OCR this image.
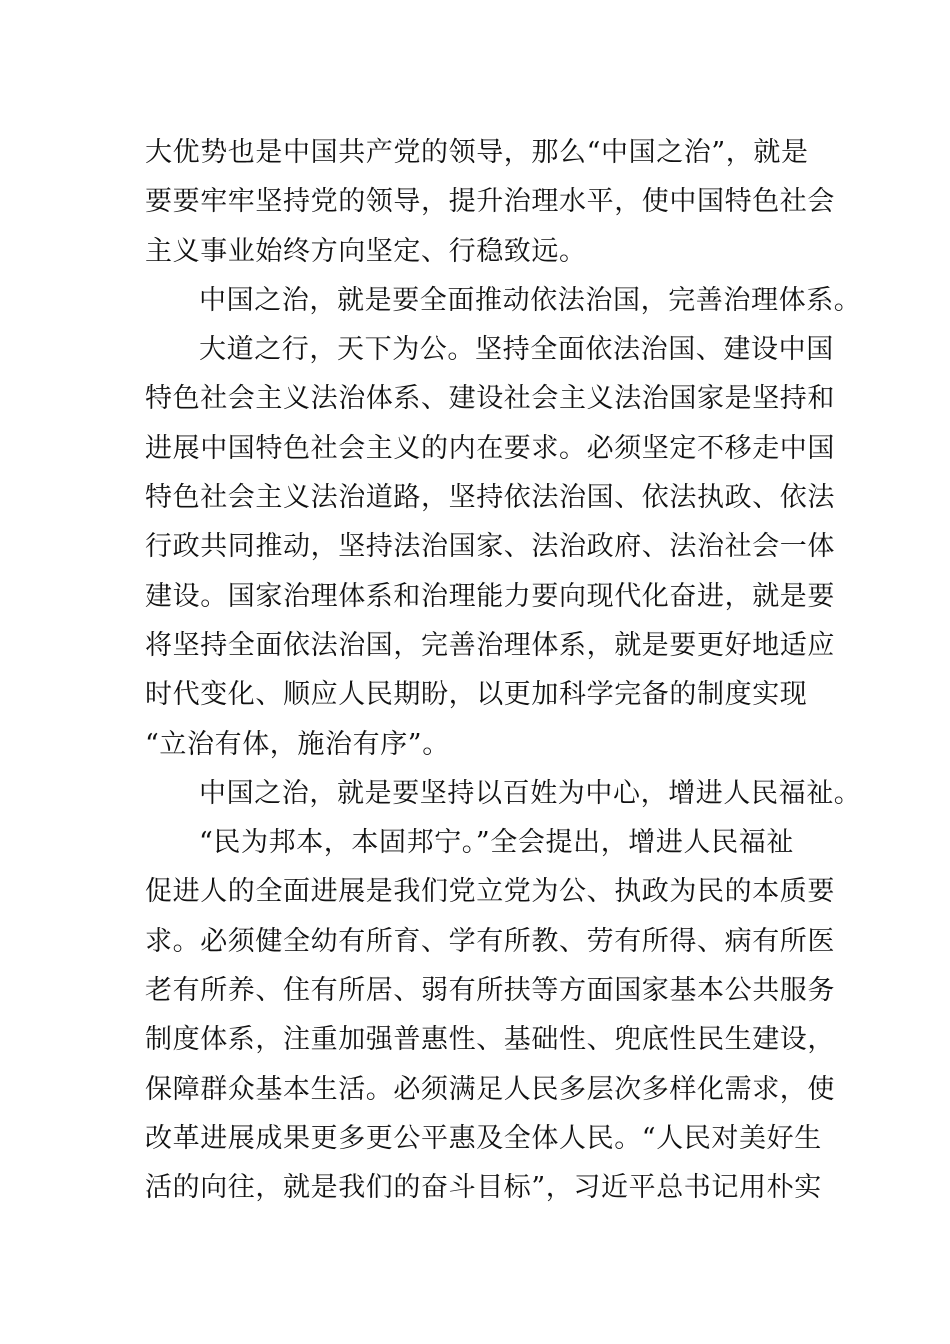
大优势也是中国共产党的领导，那么“中国之治”，就是
要要牢牢坚持党的领导，提升治理水平，使中国特色社会
主义事业始终方向坚定、行稳致远。
中国之治，就是要全面推动依法治国，完善治理体系。
大道之行，天下为公。坚持全面依法治国、建设中国
特色社会主义法治体系、建设社会主义法治国家是坚持和
进展中国特色社会主义的内在要求。必须坚定不移走中国
特色社会主义法治道路，坚持依法治国、依法执政、依法
行政共同推动，坚持法治国家、法治政府、法治社会一体
建设。国家治理体系和治理能力要向现代化奋进，就是要
将坚持全面依法治国，完善治理体系，就是要更好地适应
时代变化、顺应人民期盼，以更加科学完备的制度实现
“立治有体，施治有序”。
中国之治，就是要坚持以百姓为中心，增进人民福祉。
“民为邦本，本固邦宁。”全会提出，增进人民福祉
促进人的全面进展是我们党立党为公、执政为民的本质要
求。必须健全幼有所育、学有所教、劳有所得、病有所医
老有所养、住有所居、弱有所扶等方面国家基本公共服务
制度体系，注重加强普惠性、基础性、兜底性民生建设，
保障群众基本生活。必须满足人民多层次多样化需求，使
改革进展成果更多更公平惠及全体人民。“人民对美好生
活的向往，就是我们的奋斗目标”，习近平总书记用朴实
